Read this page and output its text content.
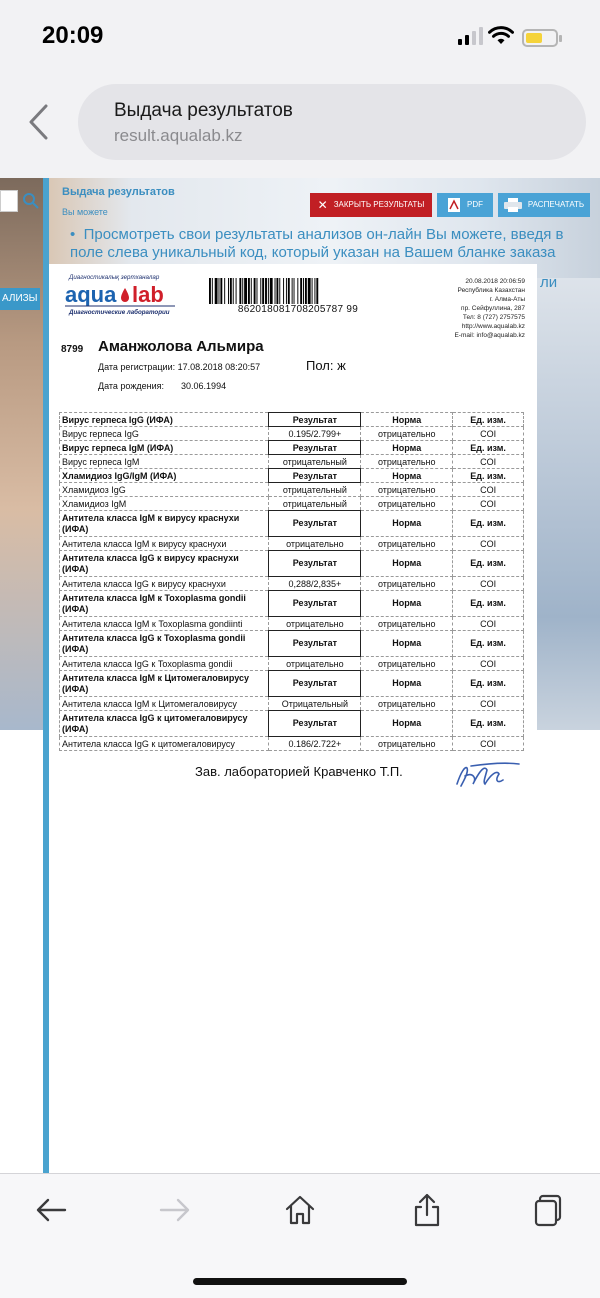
20:09
Выдача результатов
result.aqualab.kz
АЛИЗЫ
Выдача результатов
Вы можете	✕ ЗАКРЫТЬ РЕЗУЛЬТАТЫ	PDF	РАСПЕЧАТАТЬ
•  Просмотреть свои результаты анализов он-лайн Вы можете, введя в поле слева уникальный код, который указан на Вашем бланке заказа
ли
Диагностикалық зертханалар
aqua lab
Диагностические лаборатории	862018081708205787 99
20.08.2018 20:06:59
Республика Казахстан
г. Алма-Аты
пр. Сейфуллина, 287
Тел: 8 (727) 2757575
http://www.aqualab.kz
E-mail: info@aqualab.kz
8799 Аманжолова Альмира
Дата регистрации: 17.08.2018 08:20:57	Пол: ж
Дата рождения: 30.06.1994
Вирус герпеса IgG (ИФА)	Результат	Норма	Ед. изм.
Вирус герпеса IgG	0.195/2.799+	отрицательно	COI
Вирус герпеса IgM (ИФА)	Результат	Норма	Ед. изм.
Вирус герпеса IgM	отрицательный	отрицательно	COI
Хламидиоз IgG/IgM (ИФА)	Результат	Норма	Ед. изм.
Хламидиоз IgG	отрицательный	отрицательно	COI
Хламидиоз IgM	отрицательный	отрицательно	COI
Антитела класса IgM к вирусу краснухи (ИФА)	Результат	Норма	Ед. изм.
Антитела класса IgM к вирусу краснухи	отрицательно	отрицательно	COI
Антитела класса IgG к вирусу краснухи (ИФА)	Результат	Норма	Ед. изм.
Антитела класса IgG к вирусу краснухи	0,288/2,835+	отрицательно	COI
Антитела класса IgM к Toxoplasma gondii (ИФА)	Результат	Норма	Ед. изм.
Антитела класса IgM к Toxoplasma gondiinti	отрицательно	отрицательно	COI
Антитела класса IgG к Toxoplasma gondii (ИФА)	Результат	Норма	Ед. изм.
Антитела класса IgG к Toxoplasma gondii	отрицательно	отрицательно	COI
Антитела класса IgM к Цитомегаловирусу (ИФА)	Результат	Норма	Ед. изм.
Антитела класса IgM к Цитомегаловирусу	Отрицательный	отрицательно	COI
Антитела класса IgG к цитомегаловирусу (ИФА)	Результат	Норма	Ед. изм.
Антитела класса IgG к цитомегаловирусу	0.186/2.722+	отрицательно	COI
Зав. лабораторией Кравченко Т.П.
